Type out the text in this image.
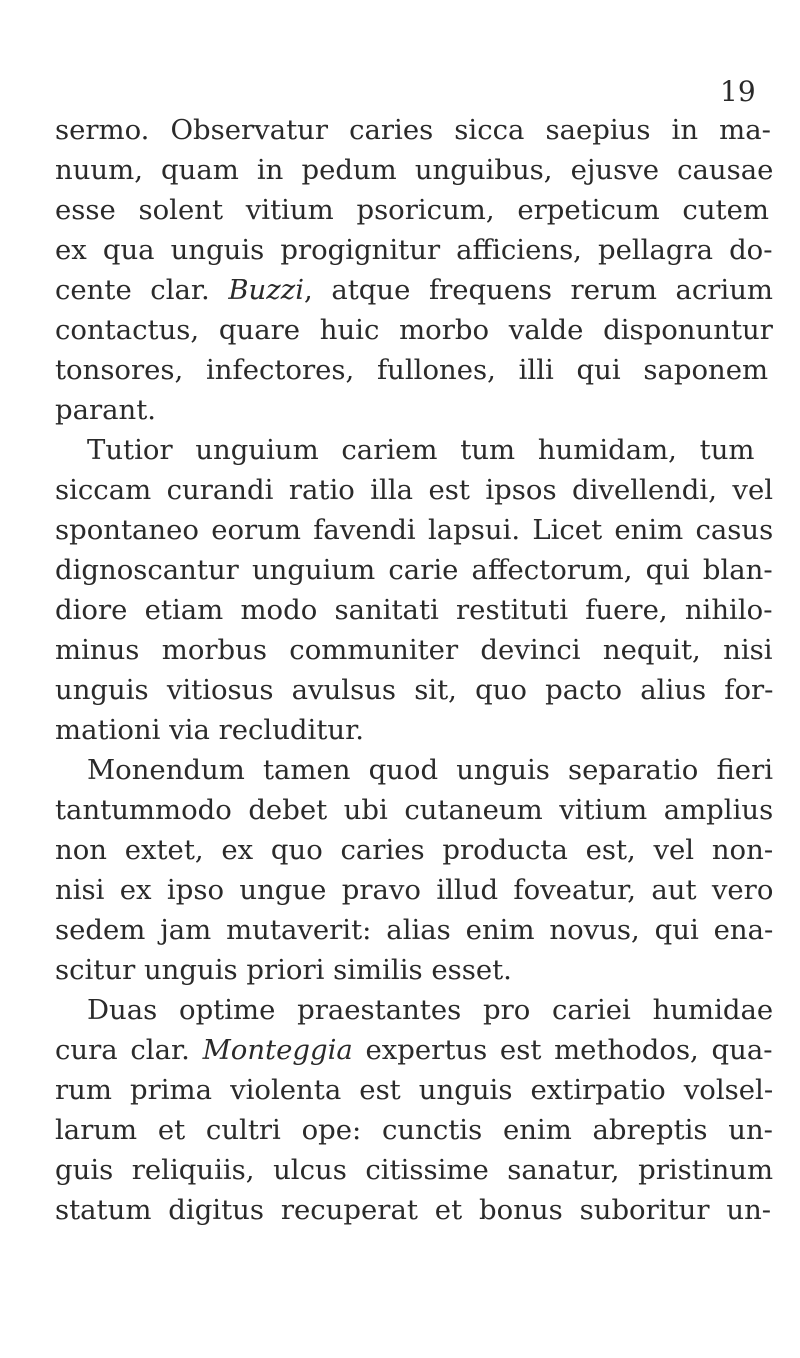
19
sermo. Observatur caries sicca saepius in ma-
nuum, quam in pedum unguibus, ejusve causae
esse solent vitium psoricum, erpeticum cutem
ex qua unguis progignitur afficiens, pellagra do-
cente clar. Buzzi, atque frequens rerum acrium
contactus, quare huic morbo valde disponuntur
tonsores, infectores, fullones, illi qui saponem
parant.
Tutior unguium cariem tum humidam, tum
siccam curandi ratio illa est ipsos divellendi, vel
spontaneo eorum favendi lapsui. Licet enim casus
dignoscantur unguium carie affectorum, qui blan-
diore etiam modo sanitati restituti fuere, nihilo-
minus morbus communiter devinci nequit, nisi
unguis vitiosus avulsus sit, quo pacto alius for-
mationi via recluditur.
Monendum tamen quod unguis separatio fieri
tantummodo debet ubi cutaneum vitium amplius
non extet, ex quo caries producta est, vel non-
nisi ex ipso ungue pravo illud foveatur, aut vero
sedem jam mutaverit: alias enim novus, qui ena-
scitur unguis priori similis esset.
Duas optime praestantes pro cariei humidae
cura clar. Monteggia expertus est methodos, qua-
rum prima violenta est unguis extirpatio volsel-
larum et cultri ope: cunctis enim abreptis un-
guis reliquiis, ulcus citissime sanatur, pristinum
statum digitus recuperat et bonus suboritur un-
